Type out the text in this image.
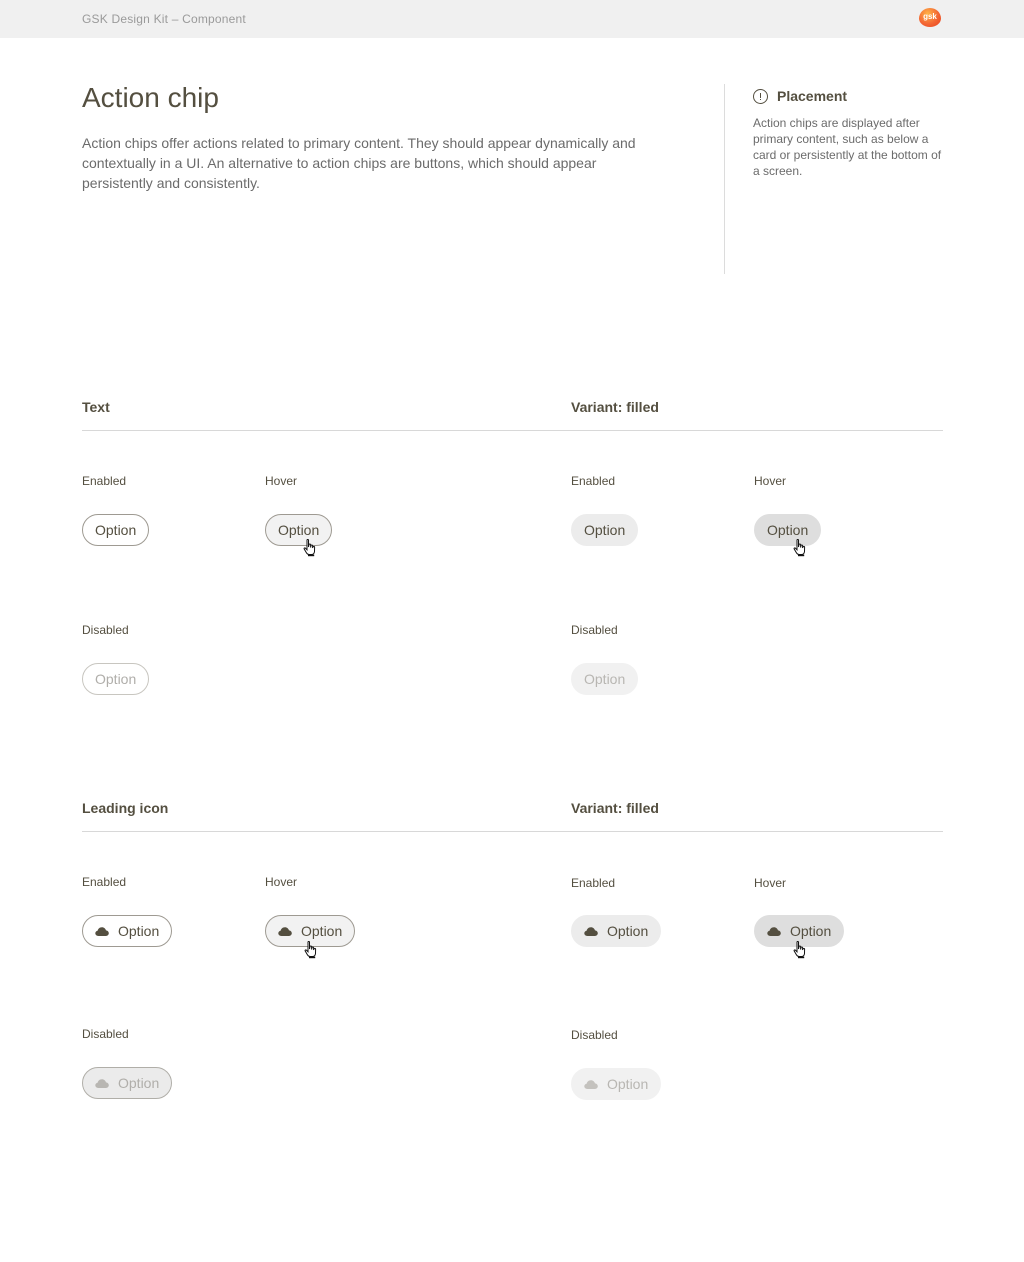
GSK Design Kit – Component	gsk
Action chip

Action chips offer actions related to primary content. They should appear dynamically and contextually in a UI. An alternative to action chips are buttons, which should appear persistently and consistently.

Placement

Action chips are displayed after primary content, such as below a card or persistently at the bottom of a screen.

Text	Variant: filled
Enabled	Hover	Enabled	Hover
Option	Option	Option	Option
Disabled	Disabled
Option	Option
Leading icon	Variant: filled
Enabled	Hover	Enabled	Hover
Option	Option	Option	Option
Disabled	Disabled
Option	Option
